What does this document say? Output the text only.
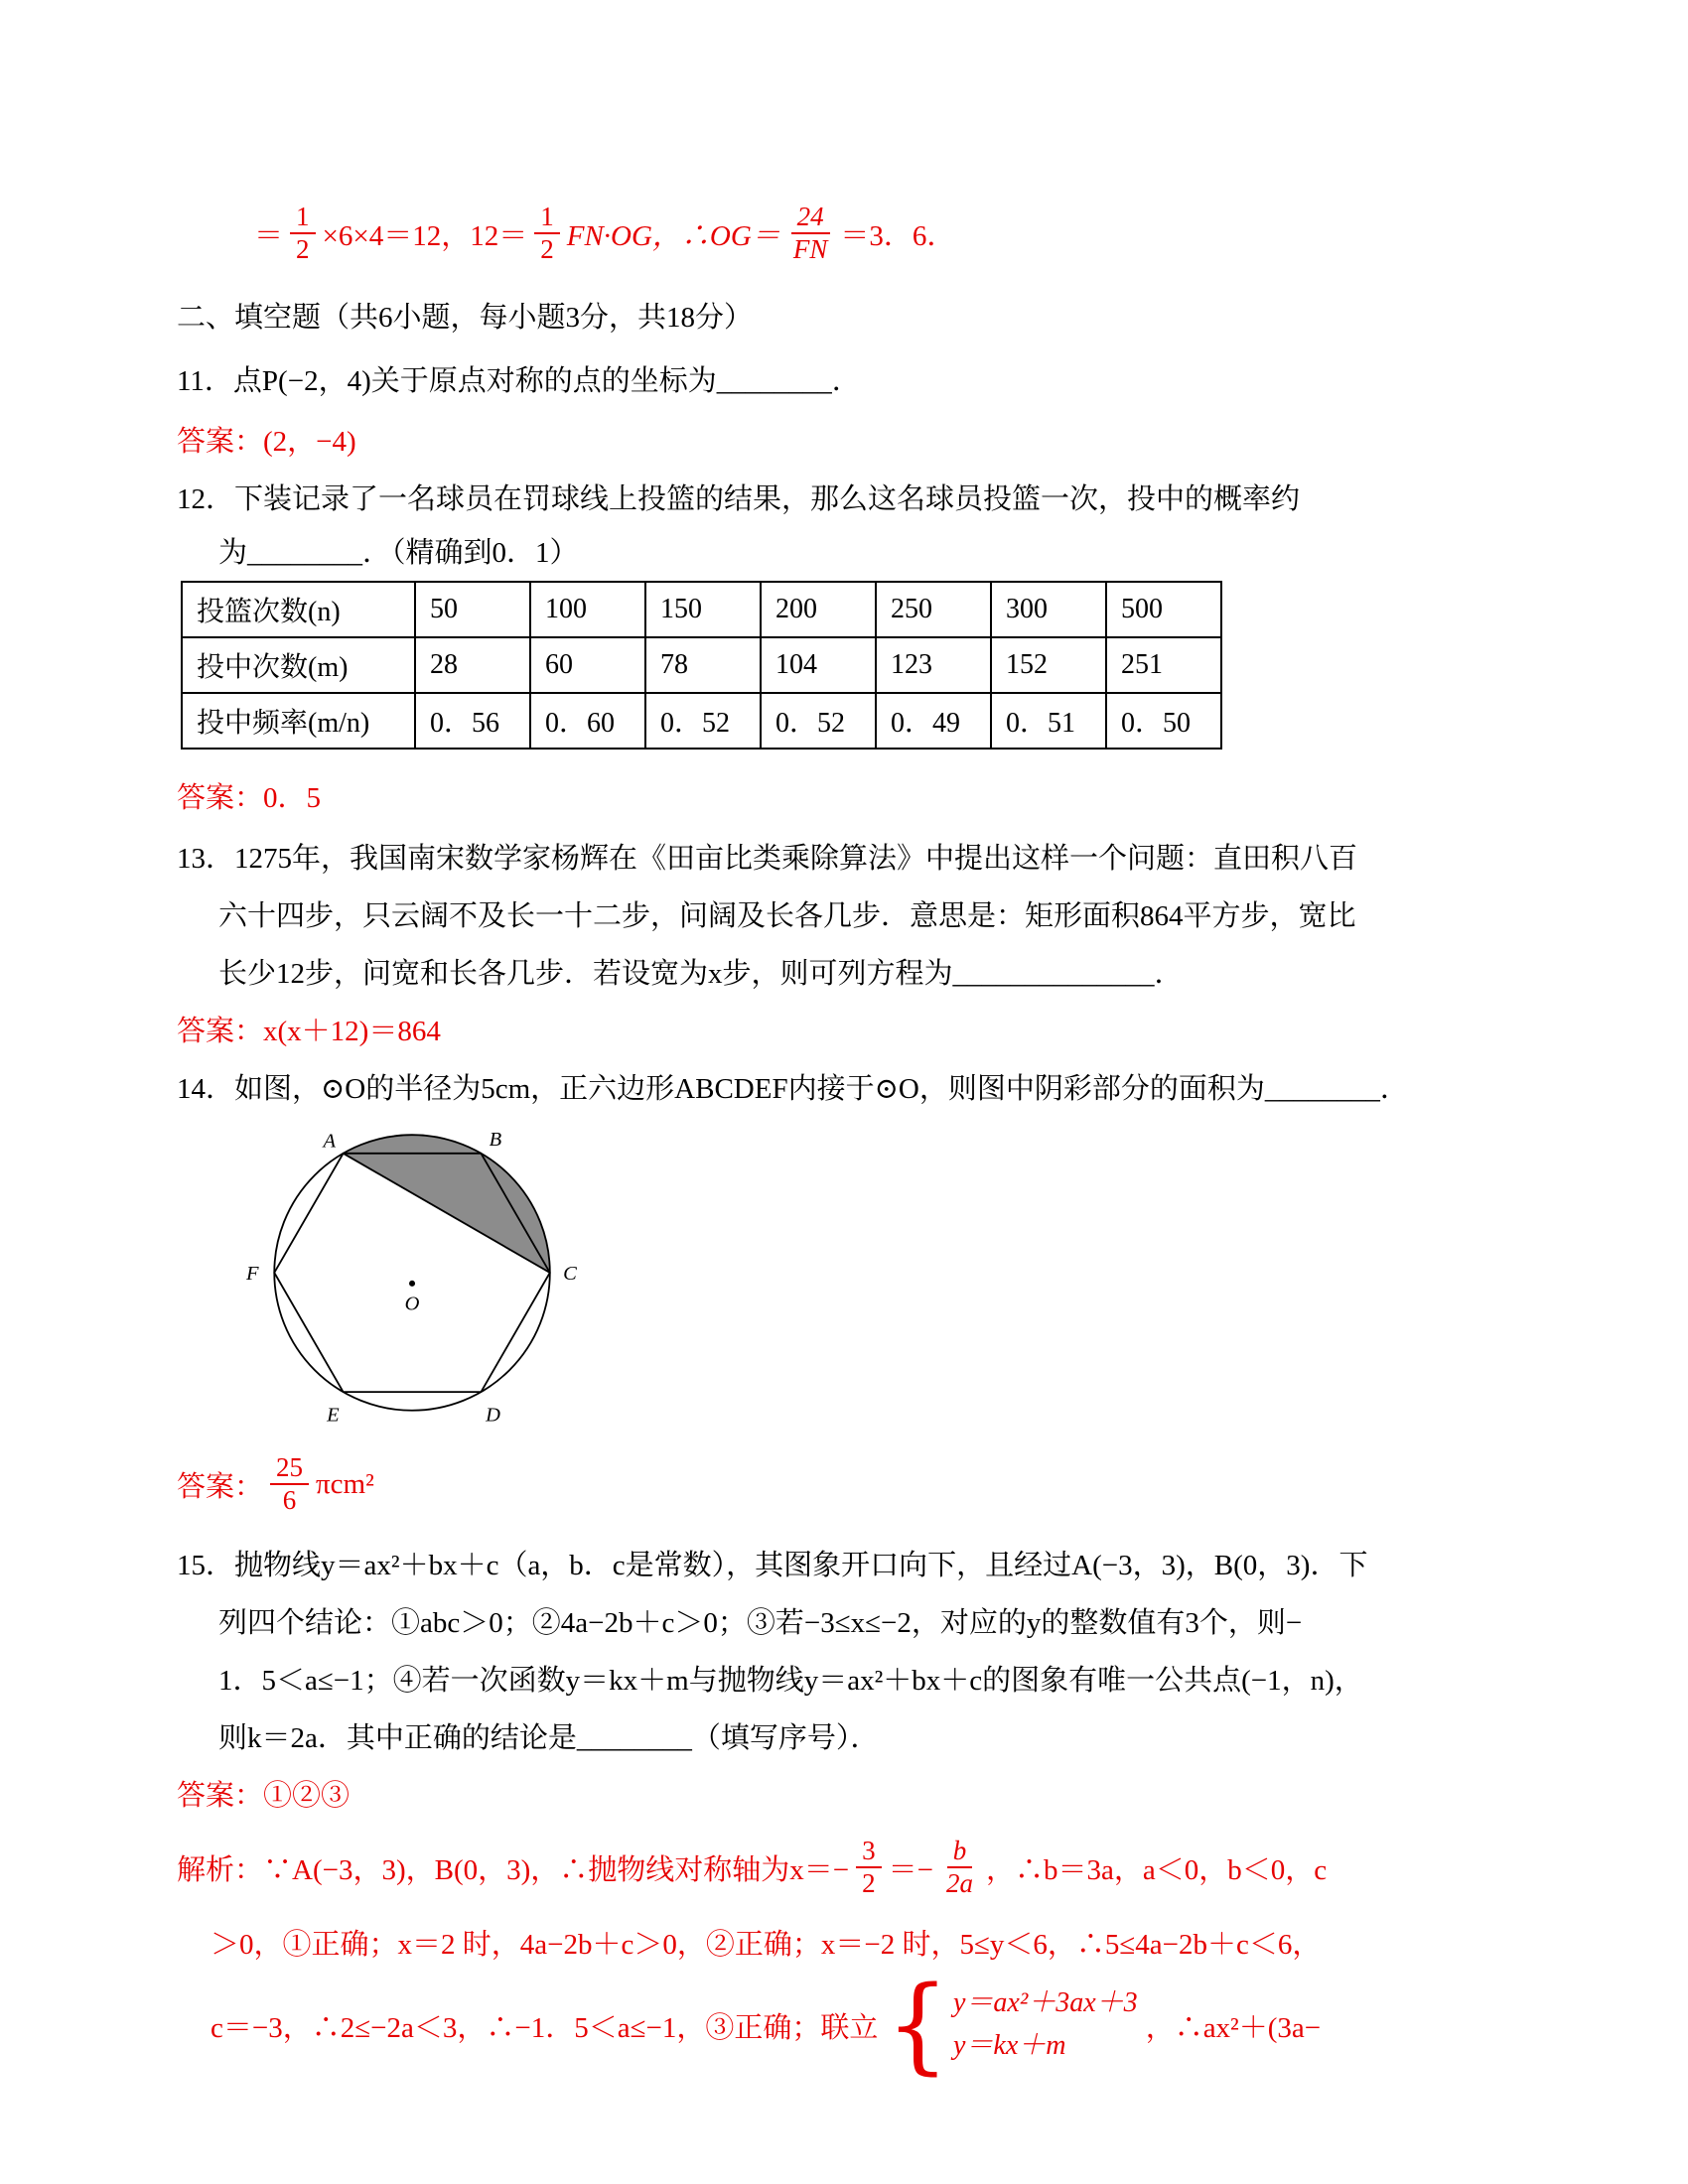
＝ $\frac{1}{2} \times 6\times 4=12$，$12= \frac{1}{2} FN\cdot OG$，∴OG＝ $\frac{24}{FN} =3$．6．
二、填空题（共6小题，每小题3分，共18分）
11．点P(−2，4)关于原点对称的点的坐标为________．
答案：(2，−4)
12．下装记录了一名球员在罚球线上投篮的结果，那么这名球员投篮一次，投中的概率约
为________．（精确到0．1）
投篮次数(n)	50	100	150	200	250	300	500
投中次数(m)	28	60	78	104	123	152	251
投中频率(m/n)	0．56	0．60	0．52	0．52	0．49	0．51	0．50
答案：0．5
13．1275年，我国南宋数学家杨辉在《田亩比类乘除算法》中提出这样一个问题：直田积八百
六十四步，只云阔不及长一十二步，问阔及长各几步．意思是：矩形面积864平方步，宽比
长少12步，问宽和长各几步．若设宽为x步，则可列方程为______________．
答案：x(x＋12)＝864
14．如图，⊙O的半径为5cm，正六边形ABCDEF内接于⊙O，则图中阴彩部分的面积为________．
A	B
C
D
E
F
O
答案： $\frac{25}{6} \pi cm^2$
15．抛物线y＝ax²＋bx＋c（a，b．c是常数），其图象开口向下，且经过A(−3，3)，B(0，3)．下
列四个结论：①abc＞0；②4a−2b＋c＞0；③若−3≤x≤−2，对应的y的整数值有3个，则−
1．5＜a≤−1；④若一次函数y＝kx＋m与抛物线y＝ax²＋bx＋c的图象有唯一公共点(−1，n)，
则k＝2a．其中正确的结论是________（填写序号）．
答案：①②③
解析：∵A(−3，3)，B(0，3)，∴抛物线对称轴为$x=- \frac{3}{2} =- \frac{b}{2a}$ ，∴b＝3a，a＜0，b＜0，c
＞0，①正确；x＝2 时，4a−2b＋c＞0，②正确；x＝−2 时，5≤y＜6，∴5≤4a−2b＋c＜6，
c＝−3，∴2≤−2a＜3，∴−1．5＜a≤−1，③正确；联立 { y＝ax²＋3ax＋3
y＝kx＋m
，∴ax²＋(3a−
